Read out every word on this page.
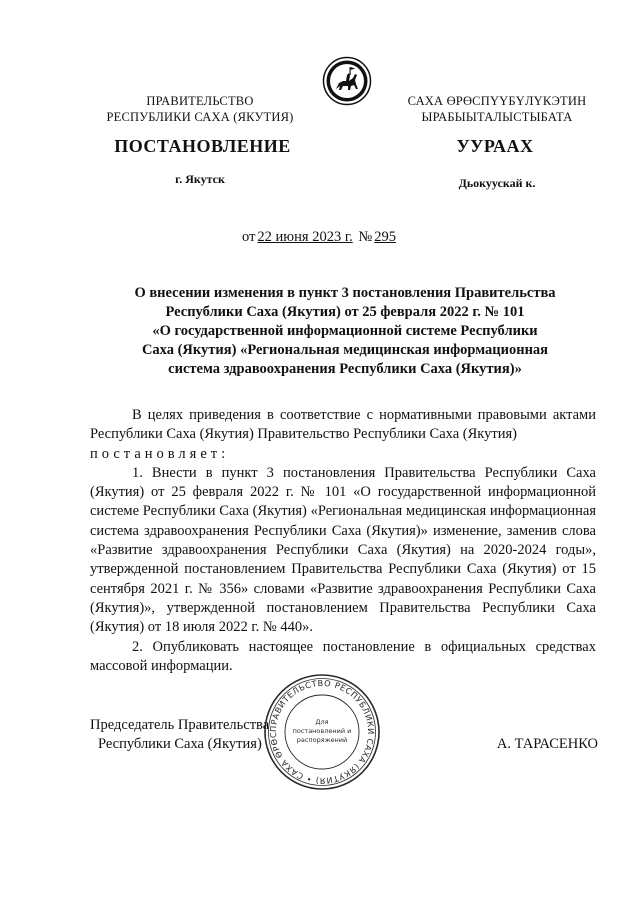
ПРАВИТЕЛЬСТВО
РЕСПУБЛИКИ САХА (ЯКУТИЯ)
САХА ӨРӨСПҮҮБҮЛҮКЭТИН
ЫРАБЫЫТАЛЫСТЫБАТА
ПОСТАНОВЛЕНИЕ	УУРААХ
г. Якутск	Дьокуускай к.
от 22 июня 2023 г. № 295
О внесении изменения в пункт 3 постановления Правительства
Республики Саха (Якутия) от 25 февраля 2022 г. № 101
«О государственной информационной системе Республики
Саха (Якутия) «Региональная медицинская информационная
система здравоохранения Республики Саха (Якутия)»

В целях приведения в соответствие с нормативными правовыми актами Республики Саха (Якутия) Правительство Республики Саха (Якутия)

постановляет:

1. Внести в пункт 3 постановления Правительства Республики Саха (Якутия) от 25 февраля 2022 г. № 101 «О государственной информационной системе Республики Саха (Якутия) «Региональная медицинская информационная система здравоохранения Республики Саха (Якутия)» изменение, заменив слова «Развитие здравоохранения Республики Саха (Якутия) на 2020-2024 годы», утвержденной постановлением Правительства Республики Саха (Якутия) от 15 сентября 2021 г. № 356» словами «Развитие здравоохранения Республики Саха (Якутия)», утвержденной постановлением Правительства Республики Саха (Якутия) от 18 июля 2022 г. № 440».

2. Опубликовать настоящее постановление в официальных средствах массовой информации.

Председатель Правительства
Республики Саха (Якутия)	А. ТАРАСЕНКО
ПРАВИТЕЛЬСТВО РЕСПУБЛИКИ САХА (ЯКУТИЯ) • САХА ӨРӨС
Для
постановлений и
распоряжений
